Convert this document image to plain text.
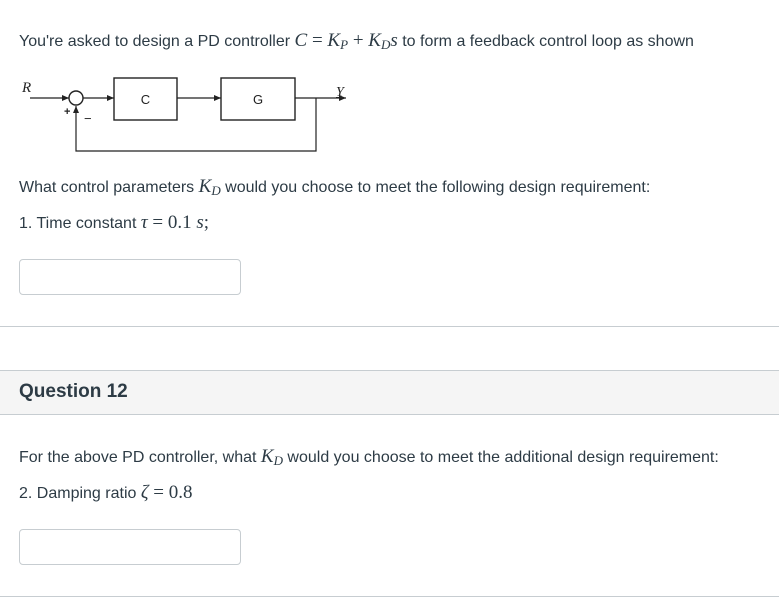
You're asked to design a PD controller $C = K_P + K_Ds$ to form a feedback control loop as shown
R
+ −
C	G	Y
What control parameters $K_D$ would you choose to meet the following design requirement:
1. Time constant τ = 0.1 s;
Question 12
For the above PD controller, what $K_D$ would you choose to meet the additional design requirement:
2. Damping ratio ζ = 0.8
